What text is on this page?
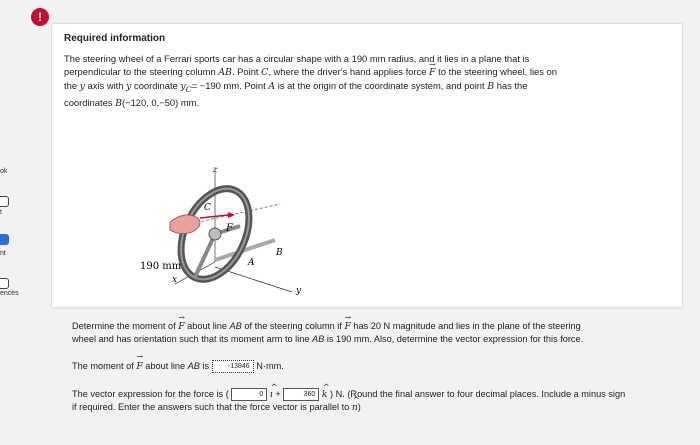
ok
t
nt
ences
!
Required information
The steering wheel of a Ferrari sports car has a circular shape with a 190 mm radius, and it lies in a plane that is
perpendicular to the steering column AB. Point C, where the driver's hand applies force → F to the steering wheel, lies on
the y axis with y coordinate $y_C= -190$ mm. Point A is at the origin of the coordinate system, and point B has the
coordinates B(−120, 0,−50) mm.
z
C
F
B
A
y
x
190 mm
Determine the moment of → F about line AB of the steering column if → F has 20 N magnitude and lies in the plane of the steering
wheel and has orientation such that its moment arm to line AB is 190 mm. Also, determine the vector expression for this force.
The moment of → F about line AB is -13846 N·mm.
The vector expression for the force is (	0 ^ ı +	360 ^ k ) N. (Round the final answer to four decimal places. Include a minus sign
if required. Enter the answers such that the force vector is parallel to ^ n)
